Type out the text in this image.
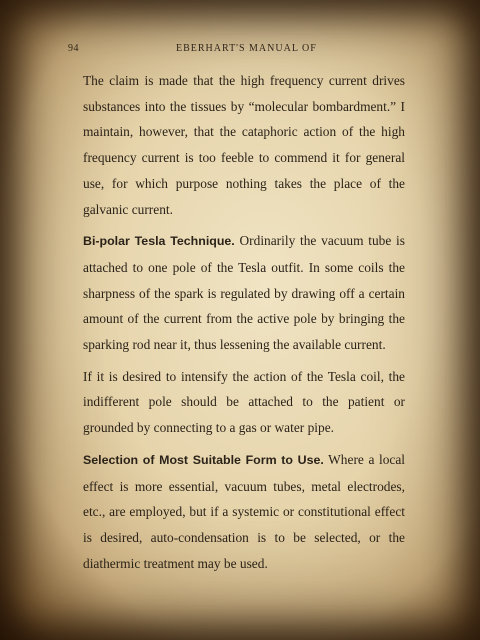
94	EBERHART'S MANUAL OF

The claim is made that the high frequency current drives substances into the tissues by “molecular bombardment.” I maintain, however, that the cataphoric action of the high frequency current is too feeble to commend it for general use, for which purpose nothing takes the place of the galvanic current.

Bi-polar Tesla Technique. Ordinarily the vacuum tube is attached to one pole of the Tesla outfit. In some coils the sharpness of the spark is regulated by drawing off a certain amount of the current from the active pole by bringing the sparking rod near it, thus lessening the available current.

If it is desired to intensify the action of the Tesla coil, the indifferent pole should be attached to the patient or grounded by connecting to a gas or water pipe.

Selection of Most Suitable Form to Use. Where a local effect is more essential, vacuum tubes, metal electrodes, etc., are employed, but if a systemic or constitutional effect is desired, auto-condensation is to be selected, or the diathermic treatment may be used.
